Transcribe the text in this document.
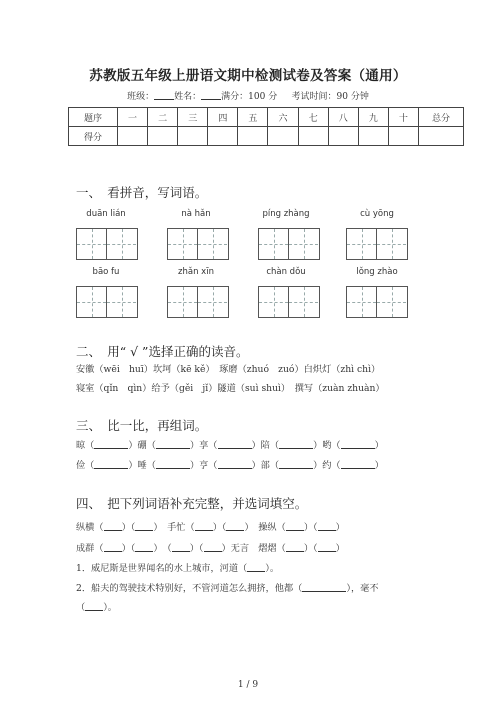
苏教版五年级上册语文期中检测试卷及答案（通用）
班级： 姓名： 满分：100 分 考试时间：90 分钟
题序	一	二	三	四	五	六	七	八	九	十	总分
得分											
一、　看拼音，写词语。
duān lián	nà hǎn	píng zhàng	cù yōng
bāo fu	zhǎn xīn	chàn dǒu	lǒng zhào
二、　用“ √ ”选择正确的读音。
安徽（wēi　huī）坎坷（kē kě）　琢磨（zhuó　zuó）白炽灯（zhì chì）
寝室（qǐn　qìn）给予（gěi　jǐ）隧道（suì shuì）　撰写（zuàn zhuàn）
三、　比一比，再组词。
晾（	）硼（	）享（	）陪（	）哟（	）
俭（	）唾（	）亨（	）部（	）约（	）
四、　把下列词语补充完整，并选词填空。
纵横（ ）（ ）　手忙（ ）（ ）　操纵（ ）（ ）
成群（ ）（ ）　（ ）（ ）无言　熠熠（ ）（ ）
1．威尼斯是世界闻名的水上城市，河道（ ）。
2．船夫的驾驶技术特别好，不管河道怎么拥挤，他都（	），毫不
（ ）。
1 / 9
